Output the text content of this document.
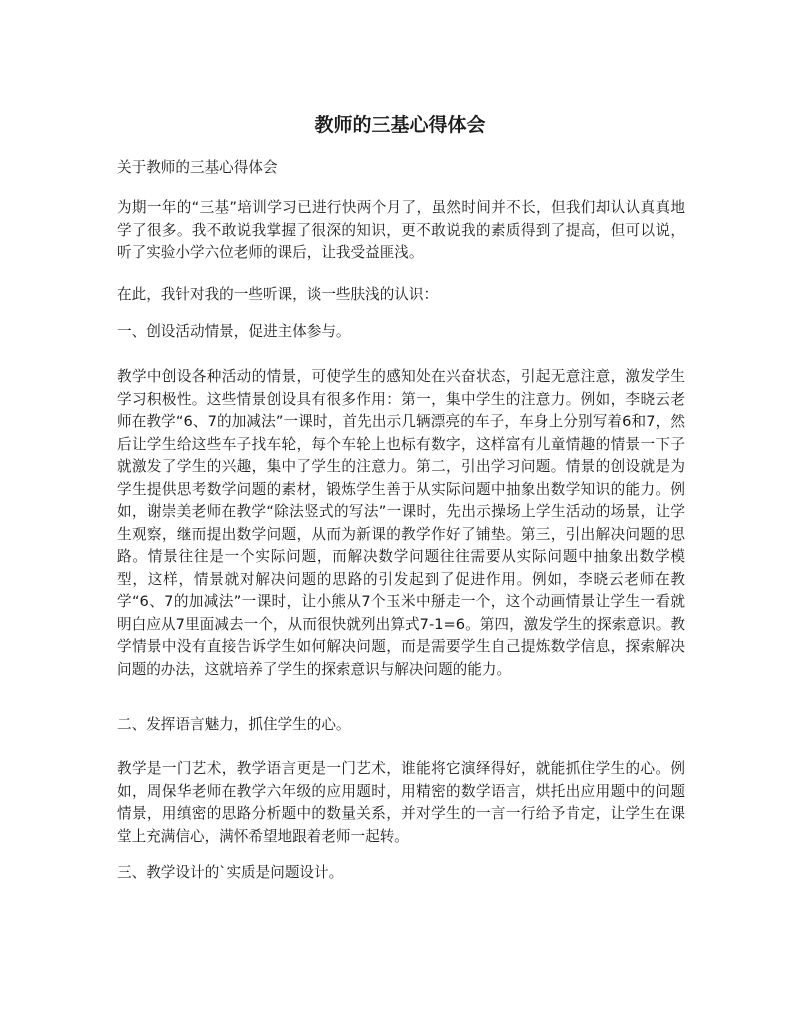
教师的三基心得体会

关于教师的三基心得体会

为期一年的“三基”培训学习已进行快两个月了，虽然时间并不长，但我们却认认真真地学了很多。我不敢说我掌握了很深的知识，更不敢说我的素质得到了提高，但可以说，听了实验小学六位老师的课后，让我受益匪浅。

在此，我针对我的一些听课，谈一些肤浅的认识：

一、创设活动情景，促进主体参与。

教学中创设各种活动的情景，可使学生的感知处在兴奋状态，引起无意注意，激发学生学习积极性。这些情景创设具有很多作用：第一，集中学生的注意力。例如，李晓云老师在教学“6、7的加减法”一课时，首先出示几辆漂亮的车子，车身上分别写着6和7，然后让学生给这些车子找车轮，每个车轮上也标有数字，这样富有儿童情趣的情景一下子就激发了学生的兴趣，集中了学生的注意力。第二，引出学习问题。情景的创设就是为学生提供思考数学问题的素材，锻炼学生善于从实际问题中抽象出数学知识的能力。例如，谢崇美老师在教学“除法竖式的写法”一课时，先出示操场上学生活动的场景，让学生观察，继而提出数学问题，从而为新课的教学作好了铺垫。第三，引出解决问题的思路。情景往往是一个实际问题，而解决数学问题往往需要从实际问题中抽象出数学模型，这样，情景就对解决问题的思路的引发起到了促进作用。例如，李晓云老师在教学“6、7的加减法”一课时，让小熊从7个玉米中掰走一个，这个动画情景让学生一看就明白应从7里面减去一个，从而很快就列出算式7-1=6。第四，激发学生的探索意识。教学情景中没有直接告诉学生如何解决问题，而是需要学生自己提炼数学信息，探索解决问题的办法，这就培养了学生的探索意识与解决问题的能力。

二、发挥语言魅力，抓住学生的心。

教学是一门艺术，教学语言更是一门艺术，谁能将它演绎得好，就能抓住学生的心。例如，周保华老师在教学六年级的应用题时，用精密的数学语言，烘托出应用题中的问题情景，用缜密的思路分析题中的数量关系，并对学生的一言一行给予肯定，让学生在课堂上充满信心，满怀希望地跟着老师一起转。

三、教学设计的`实质是问题设计。
